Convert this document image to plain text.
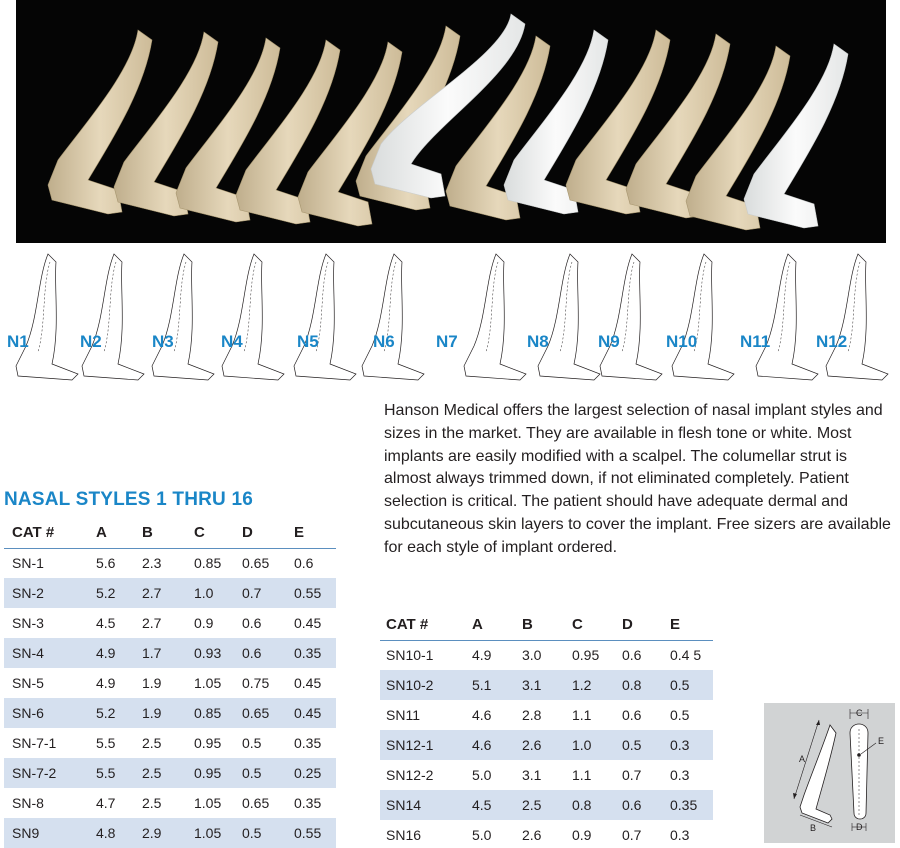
N1	N2	N3	N4	N5	N6 N7	N8	N9	N10	N11	N12

Hanson Medical offers the largest selection of nasal implant styles and sizes in the market. They are available in flesh tone or white. Most implants are easily modified with a scalpel. The columellar strut is almost always trimmed down, if not eliminated completely. Patient selection is critical. The patient should have adequate dermal and subcutaneous skin layers to cover the implant. Free sizers are available for each style of implant ordered.

NASAL STYLES 1 THRU 16
CAT #	A	B	C	D	E
SN-1	5.6	2.3	0.85	0.65	0.6
SN-2	5.2	2.7	1.0	0.7	0.55
SN-3	4.5	2.7	0.9	0.6	0.45
SN-4	4.9	1.7	0.93	0.6	0.35
SN-5	4.9	1.9	1.05	0.75	0.45
SN-6	5.2	1.9	0.85	0.65	0.45
SN-7-1	5.5	2.5	0.95	0.5	0.35
SN-7-2	5.5	2.5	0.95	0.5	0.25
SN-8	4.7	2.5	1.05	0.65	0.35
SN9	4.8	2.9	1.05	0.5	0.55
CAT #	A	B	C	D	E
SN10-1	4.9	3.0	0.95	0.6	0.4 5
SN10-2	5.1	3.1	1.2	0.8	0.5
SN11	4.6	2.8	1.1	0.6	0.5
SN12-1	4.6	2.6	1.0	0.5	0.3
SN12-2	5.0	3.1	1.1	0.7	0.3
SN14	4.5	2.5	0.8	0.6	0.35
SN16	5.0	2.6	0.9	0.7	0.3
A
B
C
E
D
